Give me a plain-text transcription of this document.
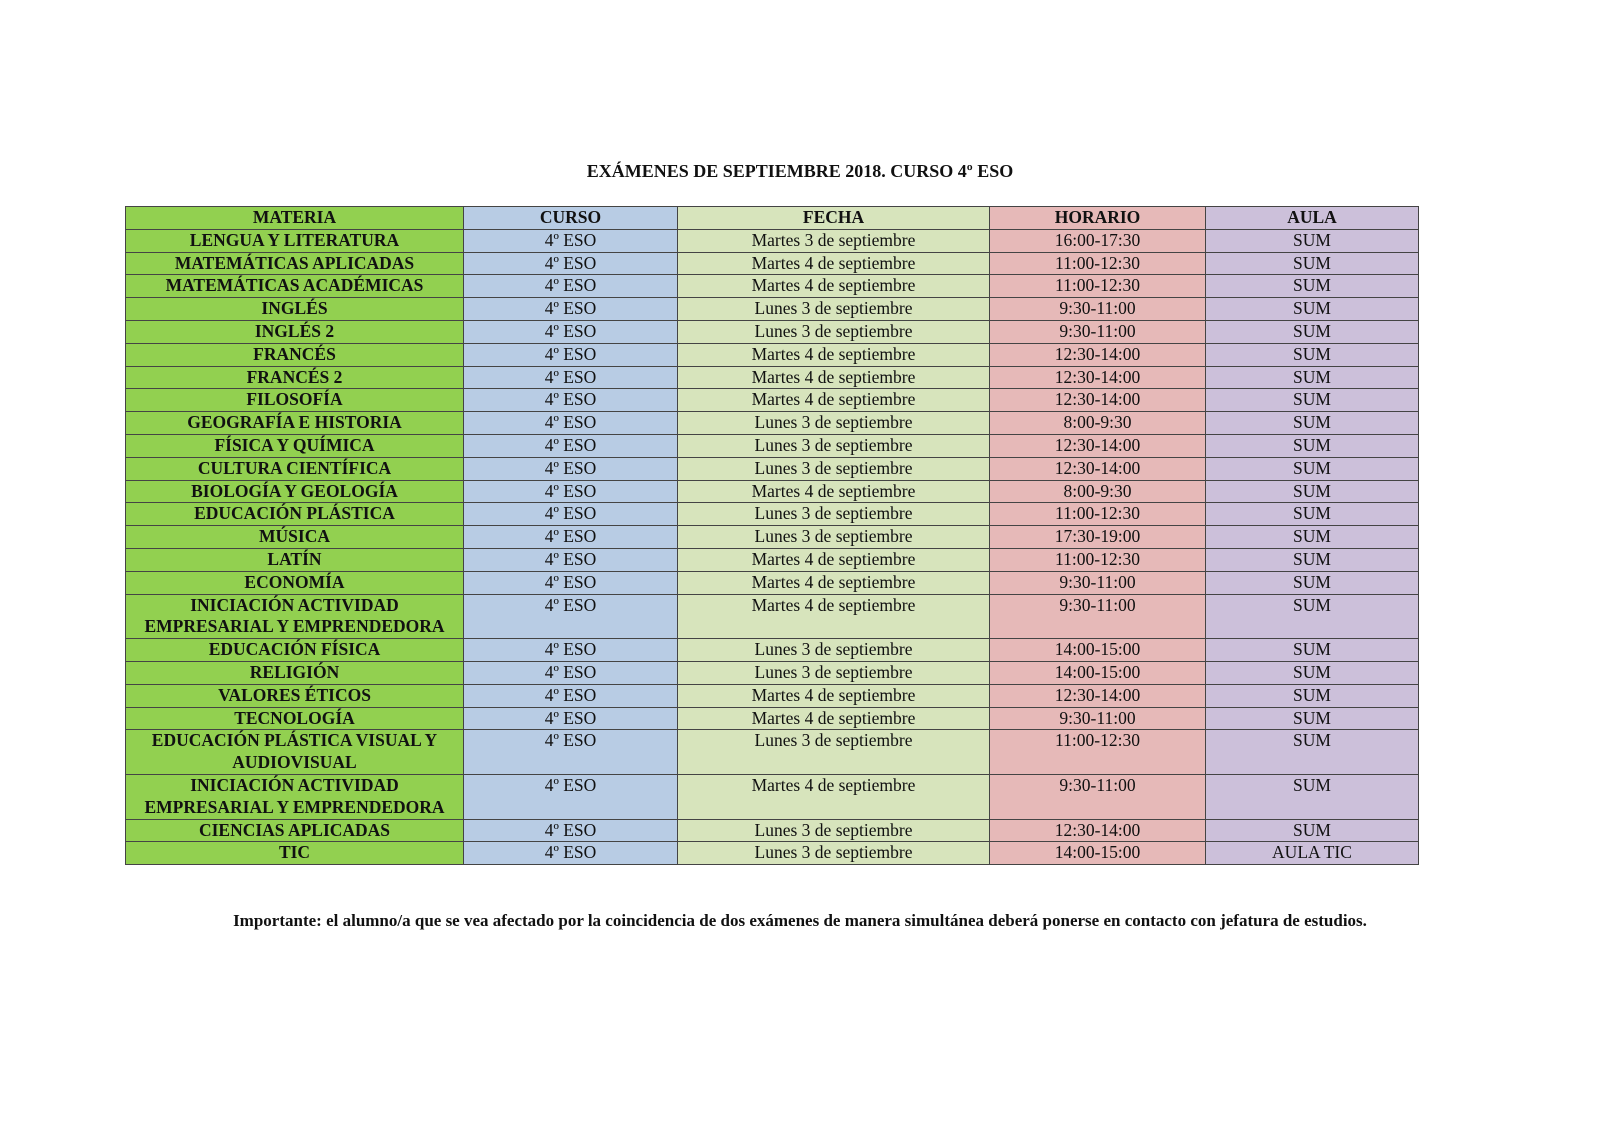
EXÁMENES DE SEPTIEMBRE 2018. CURSO 4º ESO
MATERIA	CURSO	FECHA	HORARIO	AULA
LENGUA Y LITERATURA	4º ESO	Martes 3 de septiembre	16:00-17:30	SUM
MATEMÁTICAS APLICADAS	4º ESO	Martes 4 de septiembre	11:00-12:30	SUM
MATEMÁTICAS ACADÉMICAS	4º ESO	Martes 4 de septiembre	11:00-12:30	SUM
INGLÉS	4º ESO	Lunes 3 de septiembre	9:30-11:00	SUM
INGLÉS 2	4º ESO	Lunes 3 de septiembre	9:30-11:00	SUM
FRANCÉS	4º ESO	Martes 4 de septiembre	12:30-14:00	SUM
FRANCÉS 2	4º ESO	Martes 4 de septiembre	12:30-14:00	SUM
FILOSOFÍA	4º ESO	Martes 4 de septiembre	12:30-14:00	SUM
GEOGRAFÍA E HISTORIA	4º ESO	Lunes 3 de septiembre	8:00-9:30	SUM
FÍSICA Y QUÍMICA	4º ESO	Lunes 3 de septiembre	12:30-14:00	SUM
CULTURA CIENTÍFICA	4º ESO	Lunes 3 de septiembre	12:30-14:00	SUM
BIOLOGÍA Y GEOLOGÍA	4º ESO	Martes 4 de septiembre	8:00-9:30	SUM
EDUCACIÓN PLÁSTICA	4º ESO	Lunes 3 de septiembre	11:00-12:30	SUM
MÚSICA	4º ESO	Lunes 3 de septiembre	17:30-19:00	SUM
LATÍN	4º ESO	Martes 4 de septiembre	11:00-12:30	SUM
ECONOMÍA	4º ESO	Martes 4 de septiembre	9:30-11:00	SUM
INICIACIÓN ACTIVIDAD EMPRESARIAL Y EMPRENDEDORA	4º ESO	Martes 4 de septiembre	9:30-11:00	SUM
EDUCACIÓN FÍSICA	4º ESO	Lunes 3 de septiembre	14:00-15:00	SUM
RELIGIÓN	4º ESO	Lunes 3 de septiembre	14:00-15:00	SUM
VALORES ÉTICOS	4º ESO	Martes 4 de septiembre	12:30-14:00	SUM
TECNOLOGÍA	4º ESO	Martes 4 de septiembre	9:30-11:00	SUM
EDUCACIÓN PLÁSTICA VISUAL Y AUDIOVISUAL	4º ESO	Lunes 3 de septiembre	11:00-12:30	SUM
INICIACIÓN ACTIVIDAD EMPRESARIAL Y EMPRENDEDORA	4º ESO	Martes 4 de septiembre	9:30-11:00	SUM
CIENCIAS APLICADAS	4º ESO	Lunes 3 de septiembre	12:30-14:00	SUM
TIC	4º ESO	Lunes 3 de septiembre	14:00-15:00	AULA TIC
Importante: el alumno/a que se vea afectado por la coincidencia de dos exámenes de manera simultánea deberá ponerse en contacto con jefatura de estudios.
